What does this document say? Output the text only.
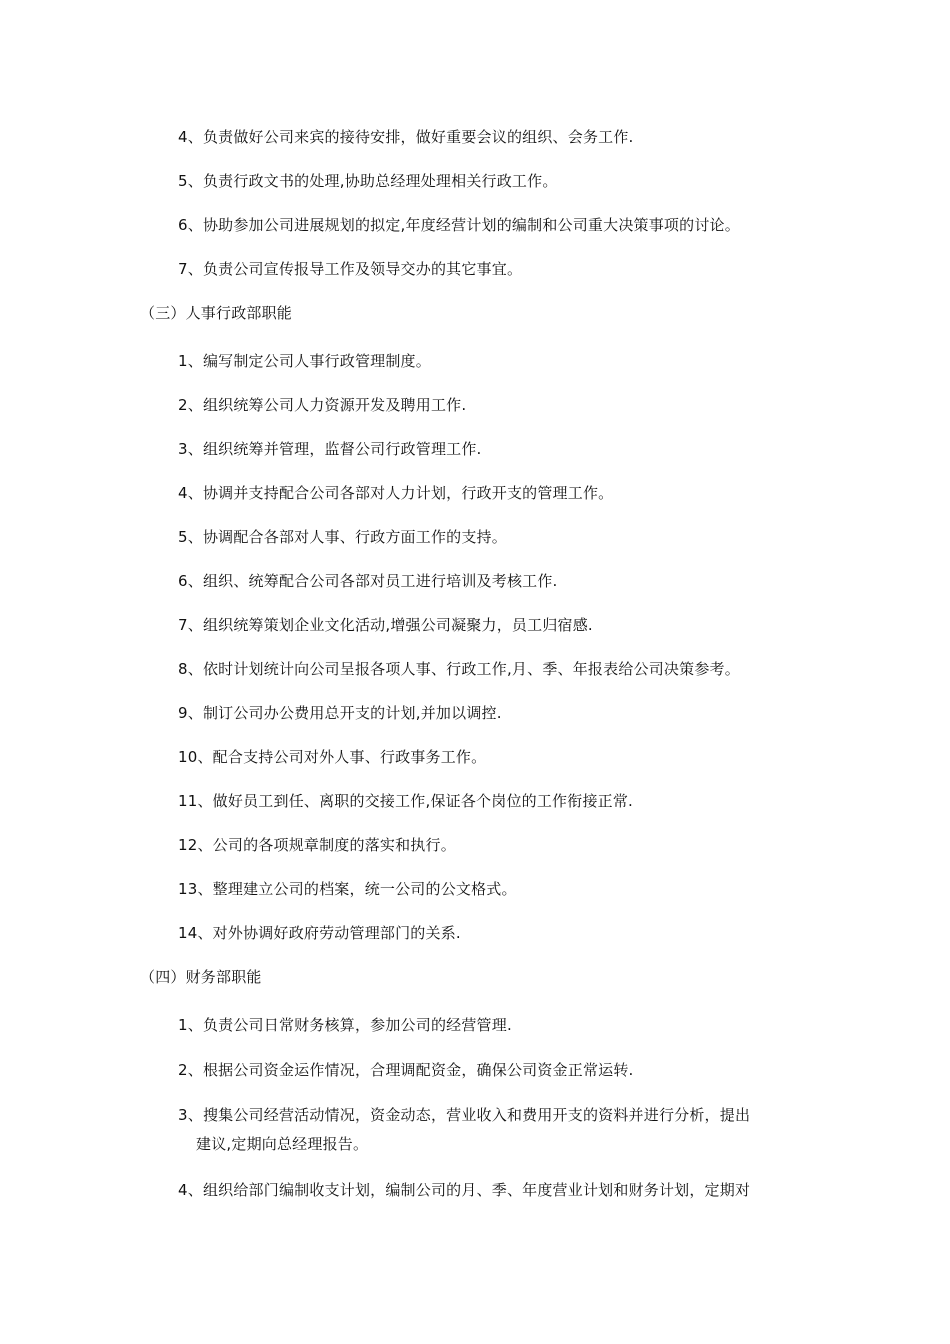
4、负责做好公司来宾的接待安排，做好重要会议的组织、会务工作.
5、负责行政文书的处理,协助总经理处理相关行政工作。
6、协助参加公司进展规划的拟定,年度经营计划的编制和公司重大决策事项的讨论。
7、负责公司宣传报导工作及领导交办的其它事宜。
（三）人事行政部职能
1、编写制定公司人事行政管理制度。
2、组织统筹公司人力资源开发及聘用工作.
3、组织统筹并管理，监督公司行政管理工作.
4、协调并支持配合公司各部对人力计划，行政开支的管理工作。
5、协调配合各部对人事、行政方面工作的支持。
6、组织、统筹配合公司各部对员工进行培训及考核工作.
7、组织统筹策划企业文化活动,增强公司凝聚力，员工归宿感.
8、依时计划统计向公司呈报各项人事、行政工作,月、季、年报表给公司决策参考。
9、制订公司办公费用总开支的计划,并加以调控.
10、配合支持公司对外人事、行政事务工作。
11、做好员工到任、离职的交接工作,保证各个岗位的工作衔接正常.
12、公司的各项规章制度的落实和执行。
13、整理建立公司的档案，统一公司的公文格式。
14、对外协调好政府劳动管理部门的关系.
（四）财务部职能
1、负责公司日常财务核算，参加公司的经营管理.
2、根据公司资金运作情况，合理调配资金，确保公司资金正常运转.
3、搜集公司经营活动情况，资金动态，营业收入和费用开支的资料并进行分析，提出
建议,定期向总经理报告。
4、组织给部门编制收支计划，编制公司的月、季、年度营业计划和财务计划，定期对
